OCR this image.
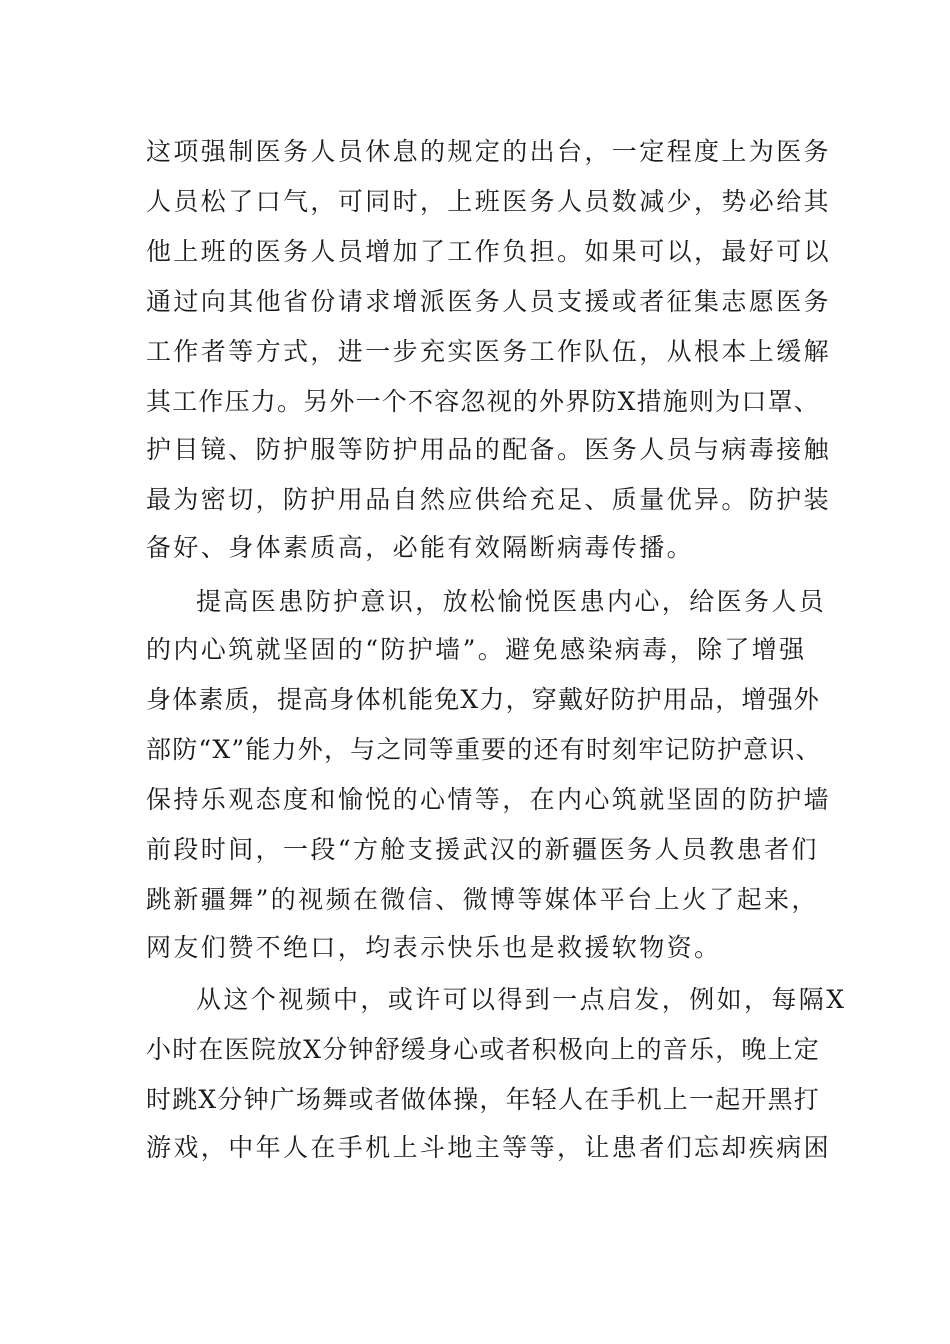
这项强制医务人员休息的规定的出台，一定程度上为医务
人员松了口气，可同时，上班医务人员数减少，势必给其
他上班的医务人员增加了工作负担。如果可以，最好可以
通过向其他省份请求增派医务人员支援或者征集志愿医务
工作者等方式，进一步充实医务工作队伍，从根本上缓解
其工作压力。另外一个不容忽视的外界防X措施则为口罩、
护目镜、防护服等防护用品的配备。医务人员与病毒接触
最为密切，防护用品自然应供给充足、质量优异。防护装
备好、身体素质高，必能有效隔断病毒传播。
提高医患防护意识，放松愉悦医患内心，给医务人员
的内心筑就坚固的“防护墙”。避免感染病毒，除了增强
身体素质，提高身体机能免X力，穿戴好防护用品，增强外
部防“X”能力外，与之同等重要的还有时刻牢记防护意识、
保持乐观态度和愉悦的心情等，在内心筑就坚固的防护墙
前段时间，一段“方舱支援武汉的新疆医务人员教患者们
跳新疆舞”的视频在微信、微博等媒体平台上火了起来，
网友们赞不绝口，均表示快乐也是救援软物资。
从这个视频中，或许可以得到一点启发，例如，每隔X
小时在医院放X分钟舒缓身心或者积极向上的音乐，晚上定
时跳X分钟广场舞或者做体操，年轻人在手机上一起开黑打
游戏，中年人在手机上斗地主等等，让患者们忘却疾病困
